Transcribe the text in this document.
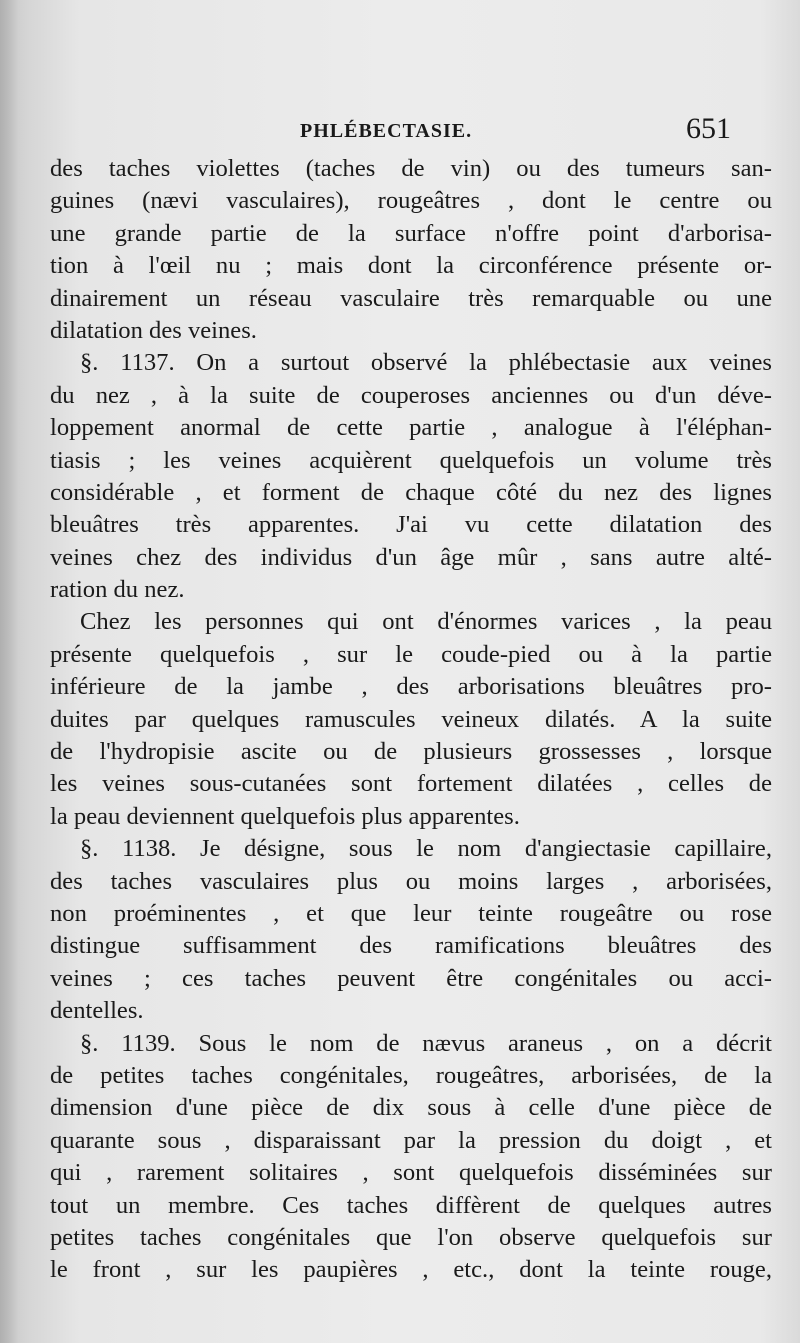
PHLÉBECTASIE.	651
des taches violettes (taches de vin) ou des tumeurs san-
guines (nævi vasculaires), rougeâtres , dont le centre ou
une grande partie de la surface n'offre point d'arborisa-
tion à l'œil nu ; mais dont la circonférence présente or-
dinairement un réseau vasculaire très remarquable ou une
dilatation des veines.
§. 1137. On a surtout observé la phlébectasie aux veines
du nez , à la suite de couperoses anciennes ou d'un déve-
loppement anormal de cette partie , analogue à l'éléphan-
tiasis ; les veines acquièrent quelquefois un volume très
considérable , et forment de chaque côté du nez des lignes
bleuâtres très apparentes. J'ai vu cette dilatation des
veines chez des individus d'un âge mûr , sans autre alté-
ration du nez.
Chez les personnes qui ont d'énormes varices , la peau
présente quelquefois , sur le coude-pied ou à la partie
inférieure de la jambe , des arborisations bleuâtres pro-
duites par quelques ramuscules veineux dilatés. A la suite
de l'hydropisie ascite ou de plusieurs grossesses , lorsque
les veines sous-cutanées sont fortement dilatées , celles de
la peau deviennent quelquefois plus apparentes.
§. 1138. Je désigne, sous le nom d'angiectasie capillaire,
des taches vasculaires plus ou moins larges , arborisées,
non proéminentes , et que leur teinte rougeâtre ou rose
distingue suffisamment des ramifications bleuâtres des
veines ; ces taches peuvent être congénitales ou acci-
dentelles.
§. 1139. Sous le nom de nævus araneus , on a décrit
de petites taches congénitales, rougeâtres, arborisées, de la
dimension d'une pièce de dix sous à celle d'une pièce de
quarante sous , disparaissant par la pression du doigt , et
qui , rarement solitaires , sont quelquefois disséminées sur
tout un membre. Ces taches diffèrent de quelques autres
petites taches congénitales que l'on observe quelquefois sur
le front , sur les paupières , etc., dont la teinte rouge,
